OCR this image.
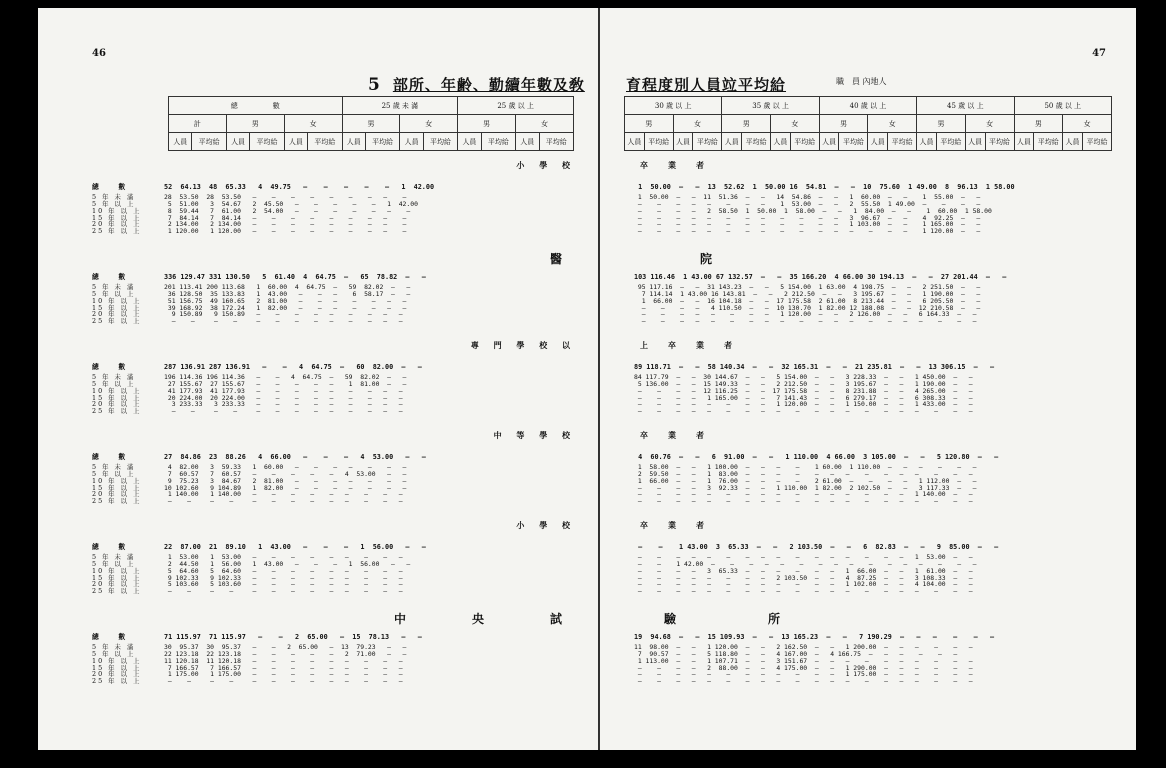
46
5 部所、年齢、勤續年數及敎
總　　　　　數						25 歲 未 滿				25 歲 以 上			
計		男		女		男		女		男		女	
人員	平均給	人員	平均給	人員	平均給	人員	平均給	人員	平均給	人員	平均給	人員	平均給
小 學 校
總　　數	52  64.13  48  65.33   4  49.75   —    —    —    —    —   1  42.00
5 年 未 滿	28  53.50  28  53.50   —    —    —    —    —    —    —   —    —
5 年 以 上	5  51.00   3  54.67   2  45.50   —    —    —    —    —   1  42.00
10 年 以 上	8  59.44   7  61.00   2  54.00   —    —    —    —    —   —    —
15 年 以 上	7  84.14   7  84.14   —    —    —    —    —    —    —   —    —
20 年 以 上	2 134.00   2 134.00   —    —    —    —    —    —    —   —    —
25 年 以 上	1 120.00   1 120.00   —    —    —    —    —    —    —   —    —
醫
總　　數	336 129.47 331 130.50   5  61.40  4  64.75  —   65  78.82  —   —
5 年 未 滿	201 113.41 200 113.68   1  60.00  4  64.75  —   59  82.02  —   —
5 年 以 上	36 128.50  35 133.83   1  43.00   —    —   —    6  58.17  —   —
10 年 以 上	51 156.75  49 160.65   2  81.00   —    —   —    —    —   —   —
15 年 以 上	39 168.92  38 172.24   1  82.00   —    —   —    —    —   —   —
20 年 以 上	9 150.89   9 150.89   —    —    —    —   —    —    —   —   —
25 年 以 上	—    —     —    —     —    —    —    —   —    —    —   —   —
專 門 學 校 以
總　　數	287 136.91 287 136.91   —    —   4  64.75  —   60  82.00  —   —
5 年 未 滿	196 114.36 196 114.36   —    —   4  64.75  —   59  82.02  —   —
5 年 以 上	27 155.67  27 155.67   —    —    —    —   —    1  81.00  —   —
10 年 以 上	41 177.93  41 177.93   —    —    —    —   —    —    —   —   —
15 年 以 上	20 224.00  20 224.00   —    —    —    —   —    —    —   —   —
20 年 以 上	3 233.33   3 233.33   —    —    —    —   —    —    —   —   —
25 年 以 上	—    —     —    —     —    —    —    —   —    —    —   —   —
中 等 學 校
總　　數	27  84.86  23  88.26   4  66.00   —    —    —   4  53.00   —   —
5 年 未 滿	4  82.00   3  59.33   1  60.00   —    —    —   —    —    —   —
5 年 以 上	7  60.57   7  60.57   —    —    —    —    —   4  53.00   —   —
10 年 以 上	9  75.23   3  84.67   2  81.00   —    —    —   —    —    —   —
15 年 以 上	10 102.60   9 104.89   1  82.00   —    —    —   —    —    —   —
20 年 以 上	1 140.00   1 140.00   —    —    —    —    —   —    —    —   —
25 年 以 上	—    —     —    —     —    —    —    —    —   —    —    —   —
小 學 校
總　　數	22  87.00  21  89.10   1  43.00   —    —    —   1  56.00   —   —
5 年 未 滿	1  53.00   1  53.00   —    —    —    —    —   —    —    —   —
5 年 以 上	2  44.50   1  56.00   1  43.00   —    —    —   1  56.00   —   —
10 年 以 上	5  64.60   5  64.60   —    —    —    —    —   —    —    —   —
15 年 以 上	9 102.33   9 102.33   —    —    —    —    —   —    —    —   —
20 年 以 上	5 103.60   5 103.60   —    —    —    —    —   —    —    —   —
25 年 以 上	—    —     —    —     —    —    —    —    —   —    —    —   —
中　　央　　試
總　　數	71 115.97  71 115.97   —    —   2  65.00   —  15  78.13   —   —
5 年 未 滿	30  95.37  30  95.37   —    —   2  65.00   —  13  79.23   —   —
5 年 以 上	22 123.18  22 123.18   —    —    —    —    —   2  71.00   —   —
10 年 以 上	11 120.18  11 120.18   —    —    —    —    —   —    —    —   —
15 年 以 上	7 166.57   7 166.57   —    —    —    —    —   —    —    —   —
20 年 以 上	1 175.00   1 175.00   —    —    —    —    —   —    —    —   —
25 年 以 上	—    —     —    —     —    —    —    —    —   —    —    —   —
47
育程度別人員竝平均給	職　員 內地人
30 歲 以 上				35 歲 以 上				40 歲 以 上				45 歲 以 上				50 歲 以 上			
男		女		男		女		男		女		男		女		男		女	
人員	平均給	人員	平均給	人員	平均給	人員	平均給	人員	平均給	人員	平均給	人員	平均給	人員	平均給	人員	平均給	人員	平均給
卒　業　者
1  50.00  —   —  13  52.62  1  50.00 16  54.81  —   —  10  75.60  1 49.00  8  96.13  1 58.00
1  50.00  —   —  11  51.36  —   —   14  54.86  —   —   1  60.00  —   —    1  55.00  —   —
—    —    —   —   —    —    —   —    1  53.00  —   —   2  55.50  1 49.00  —    —    —   —
—    —    —   —   2  58.50  1  50.00  1  58.00  —   —   1  84.00  —   —    1  60.00  1 58.00
—    —    —   —   —    —    —   —    —    —    —   —   3  96.67  —   —    4  92.25  —   —
—    —    —   —   —    —    —   —    —    —    —   —   1 103.00  —   —    1 165.00  —   —
—    —    —   —   —    —    —   —    —    —    —   —   —    —    —   —    1 120.00  —   —
院
103 116.46  1 43.00 67 132.57  —   —  35 166.20  4 66.00 30 194.13  —   —  27 201.44  —   —
95 117.16  —   —  31 143.23  —   —   5 154.00  1 63.00  4 198.75  —   —   2 251.50  —   —
7 114.14  1 43.00 16 143.81  —   —   2 212.50  —   —   3 195.67  —   —   1 190.00  —   —
1  66.00  —   —  16 104.18  —   —  17 175.58  2 61.00  8 213.44  —   —   6 205.50  —   —
—    —    —   —   4 110.50  —   —  10 130.70  1 82.00 12 188.08  —   —  12 210.58  —   —
—    —    —   —   —    —    —   —   1 120.00  —   —   2 126.00  —   —   6 164.33  —   —
—    —    —   —   —    —    —   —   —    —    —   —   —    —    —   —   —    —    —   —
上　卒　業　者
89 118.71  —   —  58 140.34  —   —  32 165.31  —   —  21 235.81  —   —  13 306.15  —   —
84 117.79  —   —  30 144.67  —   —   5 154.00  —   —   3 228.33  —   —   1 450.00  —   —
5 136.00  —   —  15 149.33  —   —   2 212.50  —   —   3 195.67  —   —   1 190.00  —   —
—    —    —   —  12 116.25  —   —  17 175.58  —   —   8 231.88  —   —   4 265.00  —   —
—    —    —   —   1 165.00  —   —   7 141.43  —   —   6 279.17  —   —   6 308.33  —   —
—    —    —   —   —    —    —   —   1 120.00  —   —   1 150.00  —   —   1 433.00  —   —
—    —    —   —   —    —    —   —   —    —    —   —   —    —    —   —   —    —    —   —
卒　業　者
4  60.76  —   —   6  91.00  —   —   1 110.00  4 66.00  3 105.00  —   —   5 120.80  —   —
1  58.00  —   —   1 100.00  —   —   —    —    1 60.00  1 110.00  —   —   —    —    —   —
2  59.50  —   —   1  83.00  —   —   —    —    —   —   —    —    —   —   —    —    —   —
1  66.00  —   —   1  76.00  —   —   —    —    2 61.00  —    —    —   —   1 112.00  —   —
—    —    —   —   3  92.33  —   —   1 110.00  1 82.00  2 102.50  —   —   3 117.33  —   —
—    —    —   —   —    —    —   —   —    —    —   —   —    —    —   —   1 140.00  —   —
—    —    —   —   —    —    —   —   —    —    —   —   —    —    —   —   —    —    —   —
卒　業　者
—    —    1 43.00  3  65.33  —   —   2 103.50  —   —   6  82.83  —   —   9  85.00  —   —
—    —    —   —   —    —    —   —   —    —    —   —   —    —    —   —   1  53.00  —   —
—    —    1 42.00  —    —    —   —   —    —    —   —   —    —    —   —   —    —    —   —
—    —    —   —   3  65.33  —   —   —    —    —   —   1  66.00  —   —   1  61.00  —   —
—    —    —   —   —    —    —   —   2 103.50  —   —   4  87.25  —   —   3 108.33  —   —
—    —    —   —   —    —    —   —   —    —    —   —   1 102.00  —   —   4 104.00  —   —
—    —    —   —   —    —    —   —   —    —    —   —   —    —    —   —   —    —    —   —
驗　　　所
19  94.68  —   —  15 109.93  —   —  13 165.23  —   —   7 190.29  —   —   —    —    —   —
11  98.00  —   —   1 120.00  —   —   2 162.50  —   —   1 200.00  —   —   —    —    —   —
7  90.57  —   —   5 118.80  —   —   4 167.00  —   4 166.75  —   —   —    —    —   —
1 113.00  —   —   1 107.71  —   —   3 151.67  —   —   —    —    —   —   —    —    —   —
—    —    —   —   2  88.00  —   —   4 175.00  —   —   1 290.00  —   —   —    —    —   —
—    —    —   —   —    —    —   —   —    —    —   —   1 175.00  —   —   —    —    —   —
—    —    —   —   —    —    —   —   —    —    —   —   —    —    —   —   —    —    —   —
